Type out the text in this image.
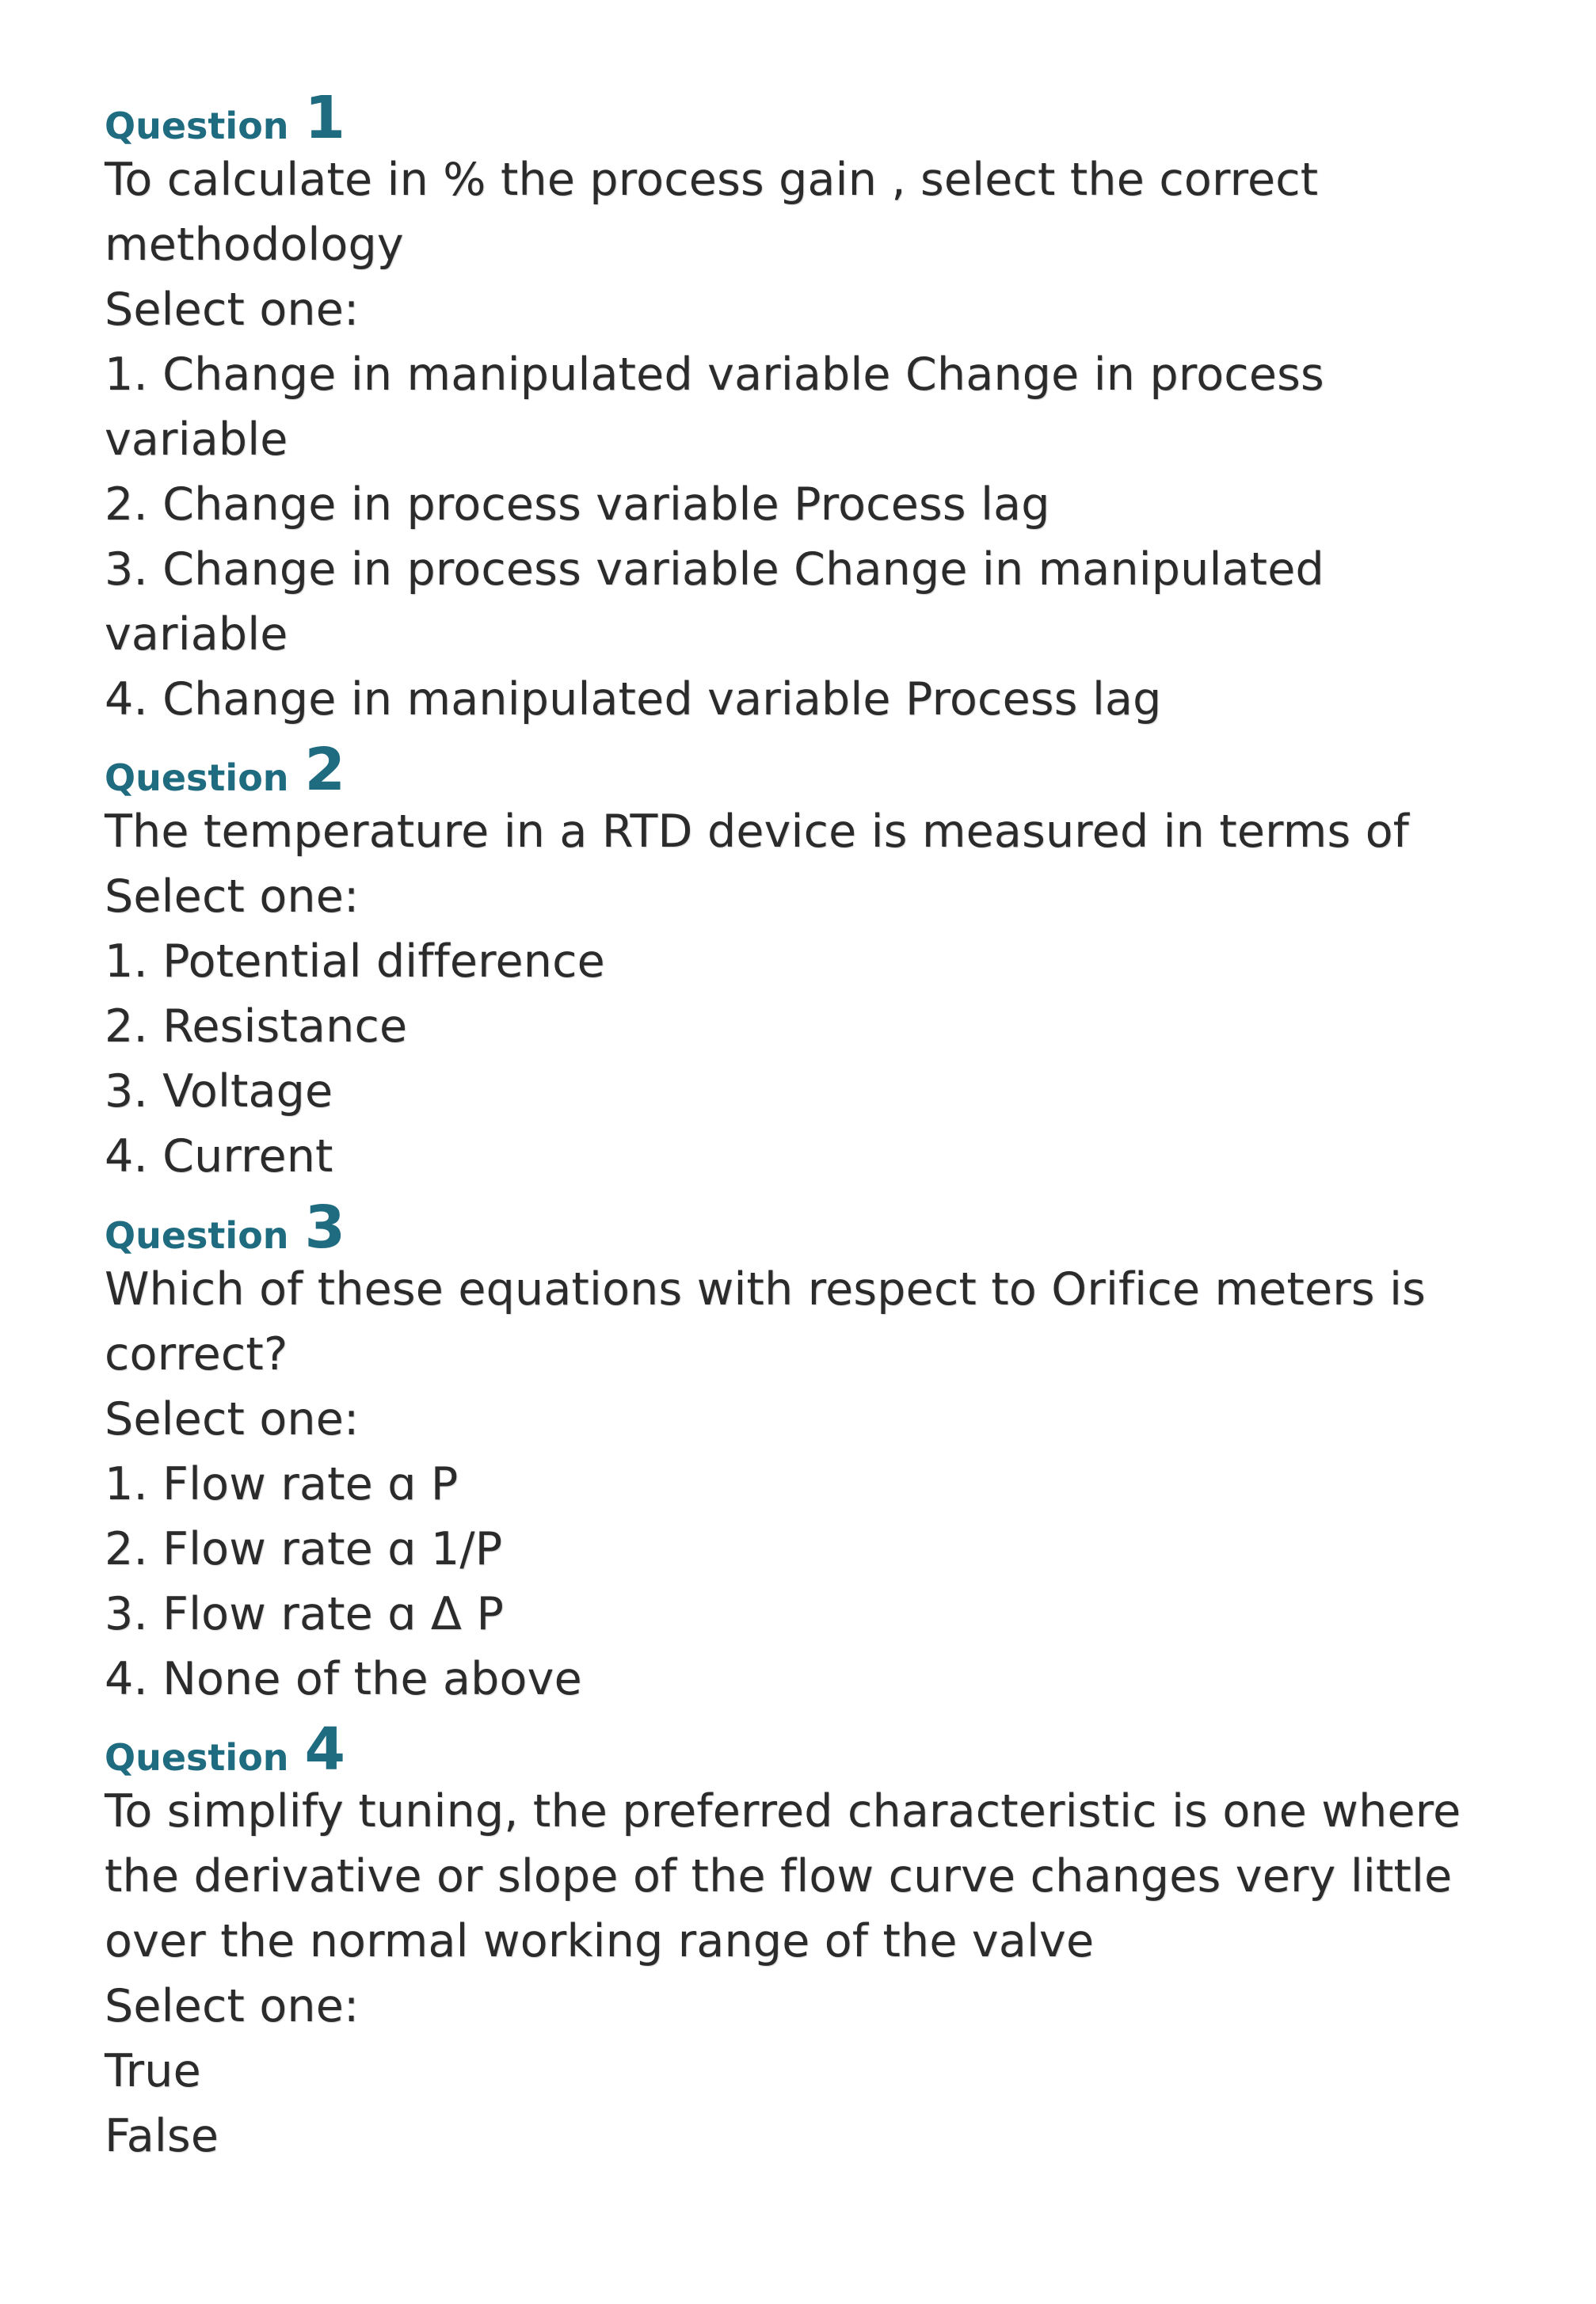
Question 1
To calculate in % the process gain , select the correct
methodology
Select one:
1. Change in manipulated variable Change in process
variable
2. Change in process variable Process lag
3. Change in process variable Change in manipulated
variable
4. Change in manipulated variable Process lag
Question 2
The temperature in a RTD device is measured in terms of
Select one:
1. Potential difference
2. Resistance
3. Voltage
4. Current
Question 3
Which of these equations with respect to Orifice meters is
correct?
Select one:
1. Flow rate ɑ P
2. Flow rate ɑ 1/P
3. Flow rate ɑ Δ P
4. None of the above
Question 4
To simplify tuning, the preferred characteristic is one where
the derivative or slope of the flow curve changes very little
over the normal working range of the valve
Select one:
True
False
